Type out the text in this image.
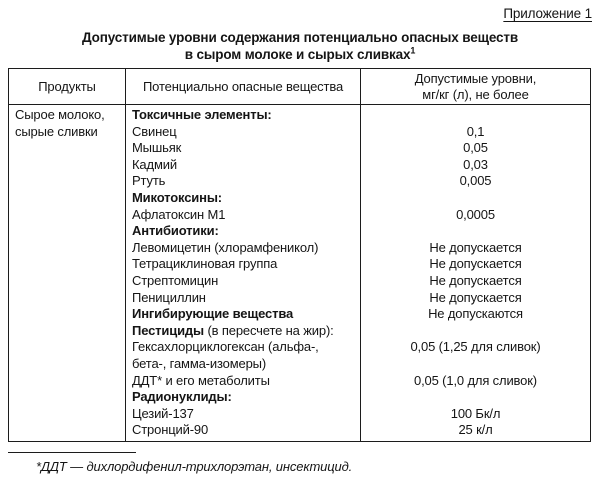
Приложение 1
Допустимые уровни содержания потенциально опасных веществ
в сыром молоке и сырых сливках$^1$
Продукты	Потенциально опасные вещества
Допустимые уровни,
мг/кг (л), не более
Сырое молоко,
сырые сливки
Токсичные элементы:
Свинец
Мышьяк
Кадмий
Ртуть
Микотоксины:
Афлатоксин М1
Антибиотики:
Левомицетин (хлорамфеникол)
Тетрациклиновая группа
Стрептомицин
Пенициллин
Ингибирующие вещества
Пестициды (в пересчете на жир):
Гексахлорциклогексан (альфа-,
бета-, гамма-изомеры)
ДДТ* и его метаболиты
Радионуклиды:
Цезий-137
Стронций-90

0,1
0,05
0,03
0,005

0,0005

Не допускается
Не допускается
Не допускается
Не допускается
Не допускаются

0,05 (1,25 для сливок)

0,05 (1,0 для сливок)

100 Бк/л
25 к/л
*ДДТ — дихлордифенил-трихлорэтан, инсектицид.
